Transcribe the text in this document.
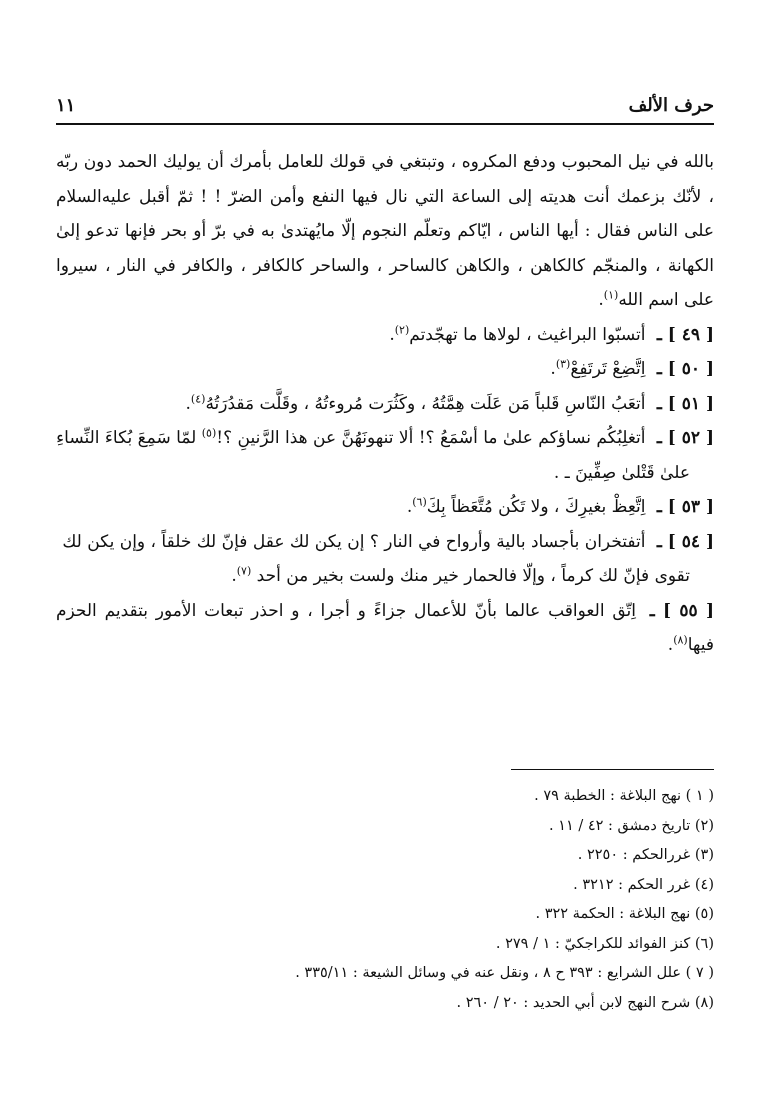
حرف الألف
١١

بالله في نيل المحبوب ودفع المكروه ، وتبتغي في قولك للعامل بأمرك أن يوليك الحمد دون ربّه ، لأنّك بزعمك أنت هديته إلى الساعة التي نال فيها النفع وأمن الضرّ ! ! ثمّ أقبل عليه‌السلام على الناس فقال : أيها الناس ، ايّاكم وتعلّم النجوم إلّا مايُهتدىٰ به في برّ أو بحر فإنها تدعو إلىٰ الكهانة ، والمنجّم كالكاهن ، والكاهن كالساحر ، والساحر كالكافر ، والكافر في النار ، سيروا على اسم الله$^{(١)}$.

[ ٤٩ ] ـ أتسبّوا البراغيث ، لولاها ما تهجّدتم$^{(٢)}$.

[ ٥٠ ] ـ اِتَّضِعْ تَرتَفِعْ$^{(٣)}$.

[ ٥١ ] ـ أتعَبُ النّاسِ قَلباً مَن عَلَت هِمَّتُهُ ، وكَثُرَت مُروءتُهُ ، وقَلَّت مَقدُرَتُهُ$^{(٤)}$.

[ ٥٢ ] ـ أتغلِبُكُم نساؤكم علىٰ ما أسْمَعُ ؟! ألا تنهونَهُنَّ عن هذا الرَّنينِ ؟!$^{(٥)}$ لمّا سَمِعَ بُكاءَ النِّساءِ
علىٰ قَتْلىٰ صِفِّينَ ـ .

[ ٥٣ ] ـ اِتَّعِظْ بغيرِكَ ، ولا تَكُن مُتَّعَظاً بِكَ$^{(٦)}$.

[ ٥٤ ] ـ أتفتخران بأجساد بالية وأرواح في النار ؟ إن يكن لك عقل فإنّ لك خلقاً ، وإن يكن لك
تقوى فإنّ لك كرماً ، وإلّا فالحمار خير منك ولست بخير من أحد $^{(٧)}$.

[ ٥٥ ] ـ اِتّق العواقب عالما بأنّ للأعمال جزاءً و أجرا ، و احذر تبعات الأمور بتقديم الحزم فيها$^{(٨)}$.

( ١ ) نهج البلاغة : الخطبة ٧٩ .

(٢) تاريخ دمشق : ٤٢ / ١١ .

(٣) غررالحكم : ٢٢٥٠ .

(٤) غرر الحكم : ٣٢١٢ .

(٥) نهج البلاغة : الحكمة ٣٢٢ .

(٦) كنز الفوائد للكراجكيّ : ١ / ٢٧٩ .

( ٧ ) علل الشرايع : ٣٩٣ ح ٨ ، ونقل عنه في وسائل الشيعة : ٣٣٥/١١ .

(٨) شرح النهج لابن أبي الحديد : ٢٠ / ٢٦٠ .
